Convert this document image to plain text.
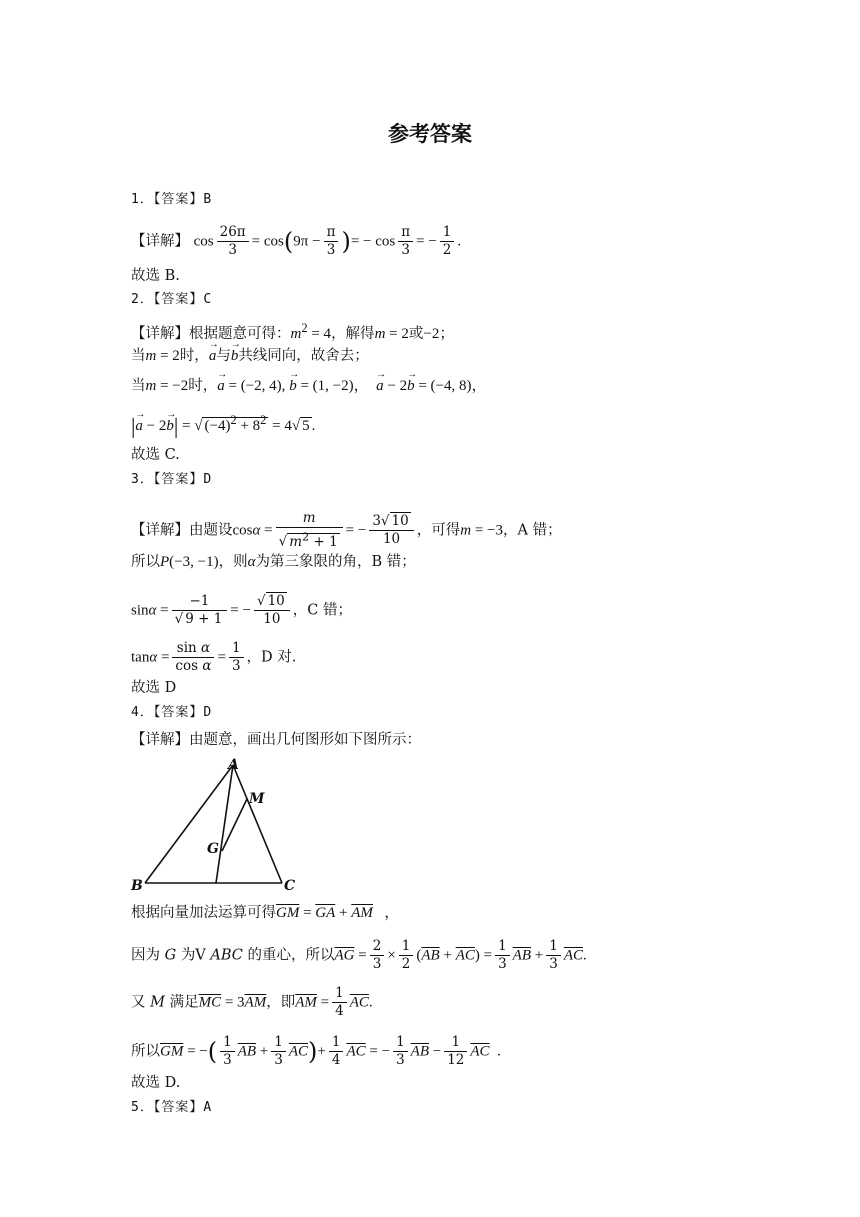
参考答案
1．【答案】B
【详解】 $\cos \frac{26\pi}{3} = \cos(9\pi - \frac{\pi}{3}$ )= − $\cos \frac{\pi}{3}$ = − $\frac{1}{2}$ .
故选 B.
2．【答案】C
【详解】根据题意可得：$m^2 = 4$，解得m = 2或−2；
当m = 2时，→ a与→ b共线同向，故舍去；
当m = −2时，→ a = (−2, 4), → b = (1, −2)，  → a − 2→ b = (−4, 8)，
|→ a − 2→ b| = √ $(-4)^2 + 8^2 = 4√$ 5 .
故选 C.
3．【答案】D
【详解】由题设$\cos\alpha = \frac{m}{√ m^2 + 1}$ = − $\frac{3√ 10}{10}$ ，可得m = −3，A 错；
所以P(−3, −1)，则α为第三象限的角，B 错；
$\sin\alpha = \frac{-1}{√ 9 + 1}$ = − $\frac{√ 10}{10}$ ，C 错；
$\tan\alpha = \frac{\text{sin α}}{\text{cos α}} = \frac{1}{3}$ ，D 对.
故选 D
4．【答案】D
【详解】由题意，画出几何图形如下图所示：
A
M
G
B	C
根据向量加法运算可得$\overline{GM} = \overline{GA} + \overline{AM}$   ，
因为 G 为V ABC 的重心，所以$\overline{AG} = \frac{2}{3} \times \frac{1}{2} (\overline{AB} + \overline{AC}) = \frac{1}{3} \overline{AB} + \frac{1}{3} \overline{AC}$.
又 M 满足$\overline{MC} = 3\overline{AM}$，即$\overline{AM} = \frac{1}{4} \overline{AC}$.
所以$\overline{GM}$ = −( $\frac{1}{3} \overline{AB} + \frac{1}{3} \overline{AC})+ \frac{1}{4} \overline{AC}$ = − $\frac{1}{3} \overline{AB} - \frac{1}{12} \overline{AC}$  .
故选 D.
5．【答案】A
